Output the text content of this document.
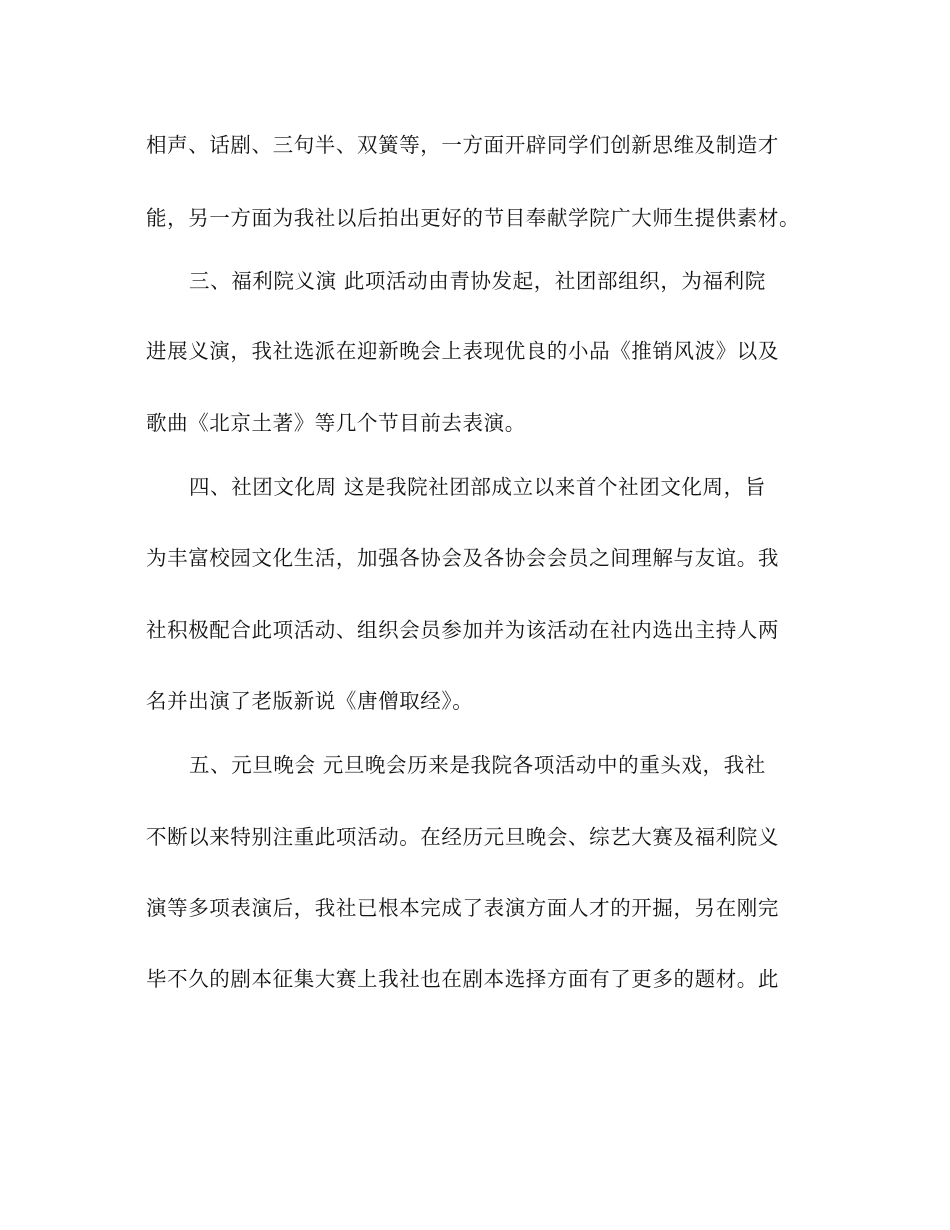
相声、话剧、三句半、双簧等，一方面开辟同学们创新思维及制造才
能，另一方面为我社以后拍出更好的节目奉献学院广大师生提供素材。
三、福利院义演 此项活动由青协发起，社团部组织，为福利院
进展义演，我社选派在迎新晚会上表现优良的小品《推销风波》以及
歌曲《北京土著》等几个节目前去表演。
四、社团文化周 这是我院社团部成立以来首个社团文化周，旨
为丰富校园文化生活，加强各协会及各协会会员之间理解与友谊。我
社积极配合此项活动、组织会员参加并为该活动在社内选出主持人两
名并出演了老版新说《唐僧取经》。
五、元旦晚会 元旦晚会历来是我院各项活动中的重头戏，我社
不断以来特别注重此项活动。在经历元旦晚会、综艺大赛及福利院义
演等多项表演后，我社已根本完成了表演方面人才的开掘，另在刚完
毕不久的剧本征集大赛上我社也在剧本选择方面有了更多的题材。此
